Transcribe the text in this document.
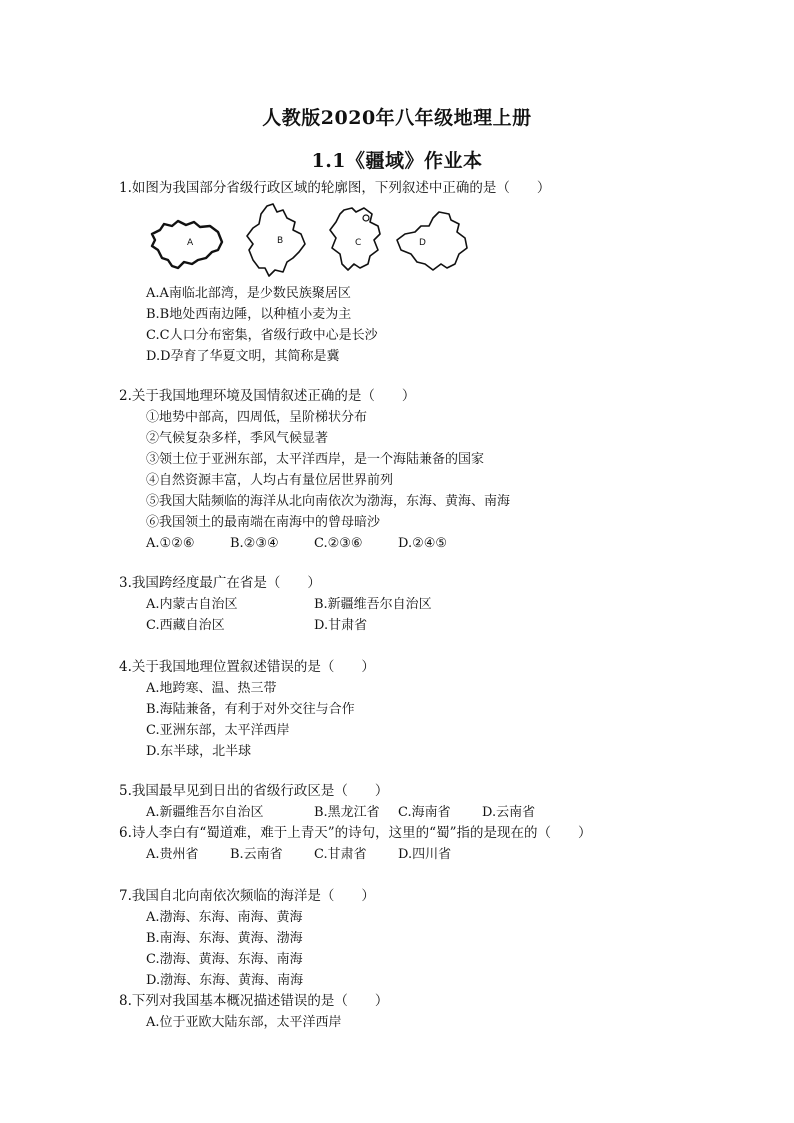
人教版2020年八年级地理上册
1.1《疆域》作业本
1.如图为我国部分省级行政区域的轮廓图，下列叙述中正确的是（　　）
A	B	C	D
A.A南临北部湾，是少数民族聚居区
B.B地处西南边陲，以种植小麦为主
C.C人口分布密集，省级行政中心是长沙
D.D孕育了华夏文明，其简称是冀
2.关于我国地理环境及国情叙述正确的是（　　）
①地势中部高，四周低，呈阶梯状分布
②气候复杂多样，季风气候显著
③领土位于亚洲东部，太平洋西岸，是一个海陆兼备的国家
④自然资源丰富，人均占有量位居世界前列
⑤我国大陆频临的海洋从北向南依次为渤海，东海、黄海、南海
⑥我国领土的最南端在南海中的曾母暗沙
A.①②⑥	B.②③④	C.②③⑥	D.②④⑤
3.我国跨经度最广在省是（　　）
A.内蒙古自治区	B.新疆维吾尔自治区
C.西藏自治区	D.甘肃省
4.关于我国地理位置叙述错误的是（　　）
A.地跨寒、温、热三带
B.海陆兼备，有利于对外交往与合作
C.亚洲东部，太平洋西岸
D.东半球，北半球
5.我国最早见到日出的省级行政区是（　　）
A.新疆维吾尔自治区	B.黑龙江省 C.海南省 D.云南省
6.诗人李白有“蜀道难，难于上青天”的诗句，这里的“蜀”指的是现在的（　　）
A.贵州省 B.云南省 C.甘肃省 D.四川省
7.我国自北向南依次频临的海洋是（　　）
A.渤海、东海、南海、黄海
B.南海、东海、黄海、渤海
C.渤海、黄海、东海、南海
D.渤海、东海、黄海、南海
8.下列对我国基本概况描述错误的是（　　）
A.位于亚欧大陆东部，太平洋西岸
